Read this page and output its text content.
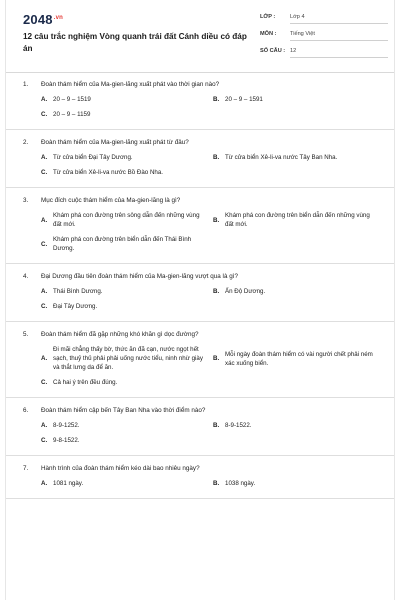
$2048^{.vn}$
12 câu trắc nghiệm Vòng quanh trái đất Cánh diều có đáp án
LỚP :	Lớp 4
MÔN :	Tiếng Việt
SỐ CÂU : 12
1.	Đoàn thám hiểm của Ma-gien-lăng xuất phát vào thời gian nào?
A. 20 – 9 – 1519	B. 20 – 9 – 1591
C. 20 – 9 – 1159
2.	Đoàn thám hiểm của Ma-gien-lăng xuất phát từ đâu?
A. Từ cửa biển Đại Tây Dương.	B. Từ cửa biển Xê-li-va nước Tây Ban Nha.
C. Từ cửa biển Xê-li-va nước Bồ Đào Nha.
3.	Mục đích cuộc thám hiểm của Ma-gien-lăng là gì?
A.
Khám phá con đường trên sông dẫn đến những vùng đất mới.
B.
Khám phá con đường trên biển dẫn đến những vùng đất mới.
C.
Khám phá con đường trên biển dẫn đến Thái Bình Dương.
4.	Đại Dương đầu tiên đoàn thám hiểm của Ma-gien-lăng vượt qua là gì?
A. Thái Bình Dương.	B. Ấn Độ Dương.
C. Đại Tây Dương.
5.	Đoàn thám hiểm đã gặp những khó khăn gì dọc đường?
A.
Đi mãi chẳng thấy bờ, thức ăn đã cạn, nước ngọt hết sạch, thuỷ thủ phải phải uống nước tiểu, ninh nhừ giày và thắt lưng da để ăn.
B.
Mỗi ngày đoàn thám hiểm có vài người chết phải ném xác xuống biển.
C. Cả hai ý trên đều đúng.
6.	Đoàn thám hiểm cập bến Tây Ban Nha vào thời điểm nào?
A. 8-9-1252.	B. 8-9-1522.
C. 9-8-1522.
7.	Hành trình của đoàn thám hiểm kéo dài bao nhiêu ngày?
A. 1081 ngày.	B. 1038 ngày.
